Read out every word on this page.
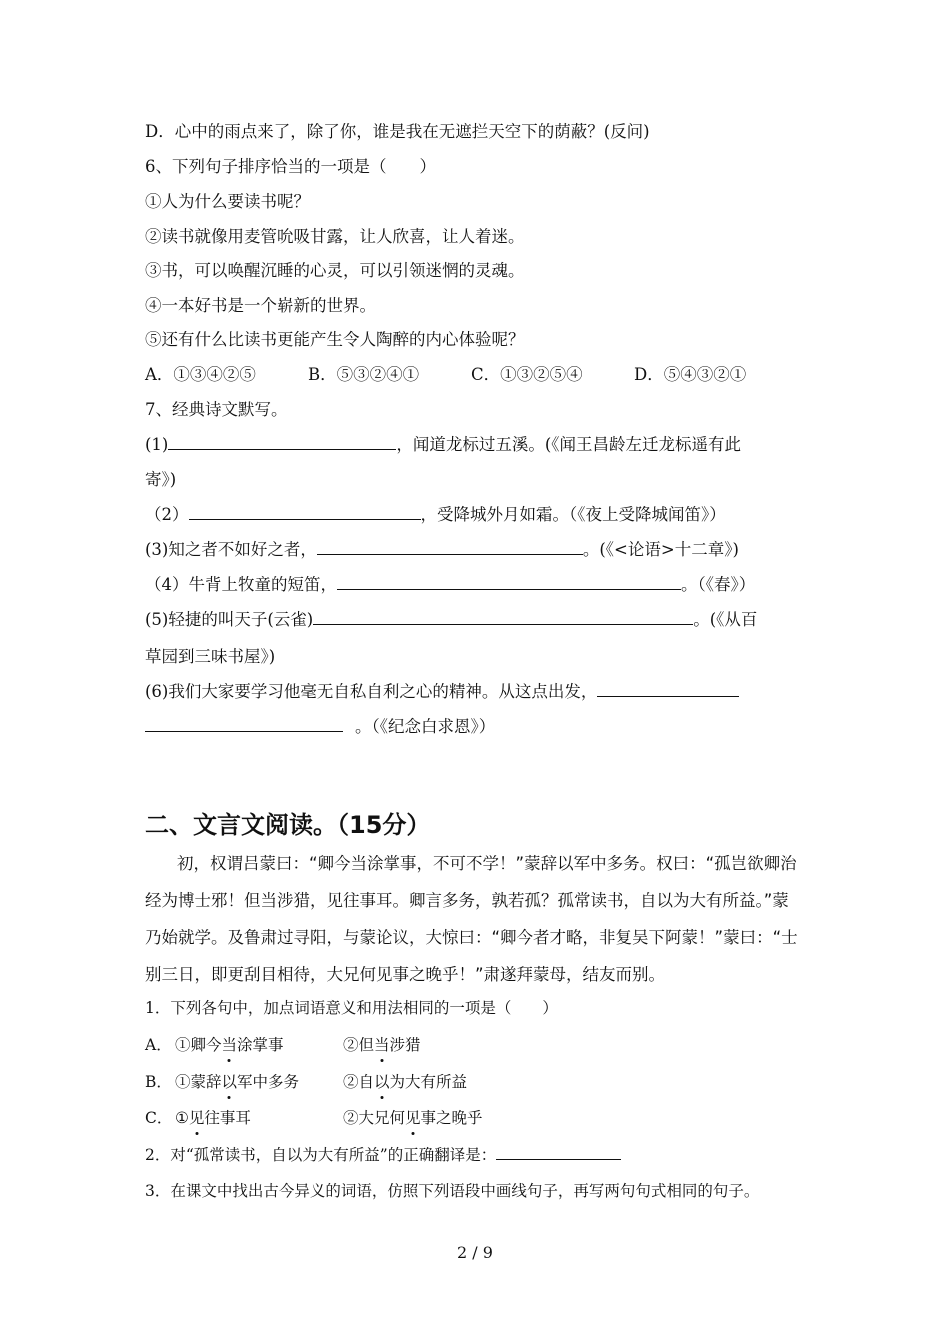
D．心中的雨点来了，除了你，谁是我在无遮拦天空下的荫蔽？(反问)
6、下列句子排序恰当的一项是（　　）
①人为什么要读书呢？
②读书就像用麦管吮吸甘露，让人欣喜，让人着迷。
③书，可以唤醒沉睡的心灵，可以引领迷惘的灵魂。
④一本好书是一个崭新的世界。
⑤还有什么比读书更能产生令人陶醉的内心体验呢？
A．①③④②⑤	B．⑤③②④①	C．①③②⑤④	D．⑤④③②①
7、经典诗文默写。
(1)	，闻道龙标过五溪。(《闻王昌龄左迁龙标遥有此
寄》)
（2）	，受降城外月如霜。（《夜上受降城闻笛》）
(3)知之者不如好之者，	。(《<论语>十二章》)
（4）牛背上牧童的短笛，	。（《春》）
(5)轻捷的叫天子(云雀)	。(《从百
草园到三味书屋》)
(6)我们大家要学习他毫无自私自利之心的精神。从这点出发，
。（《纪念白求恩》）
二、文言文阅读。（15分）
初，权谓吕蒙曰：“卿今当涂掌事，不可不学！”蒙辞以军中多务。权曰：“孤岂欲卿治
经为博士邪！但当涉猎，见往事耳。卿言多务，孰若孤？孤常读书，自以为大有所益。”蒙
乃始就学。及鲁肃过寻阳，与蒙论议，大惊曰：“卿今者才略，非复吴下阿蒙！”蒙曰：“士
别三日，即更刮目相待，大兄何见事之晚乎！”肃遂拜蒙母，结友而别。
1．下列各句中，加点词语意义和用法相同的一项是（　　）
A． ①卿今当涂掌事	②但当涉猎
B． ①蒙辞以军中多务	②自以为大有所益
C． ①见往事耳	②大兄何见事之晚乎
2．对“孤常读书，自以为大有所益”的正确翻译是：
3．在课文中找出古今异义的词语，仿照下列语段中画线句子，再写两句句式相同的句子。
2 / 9
